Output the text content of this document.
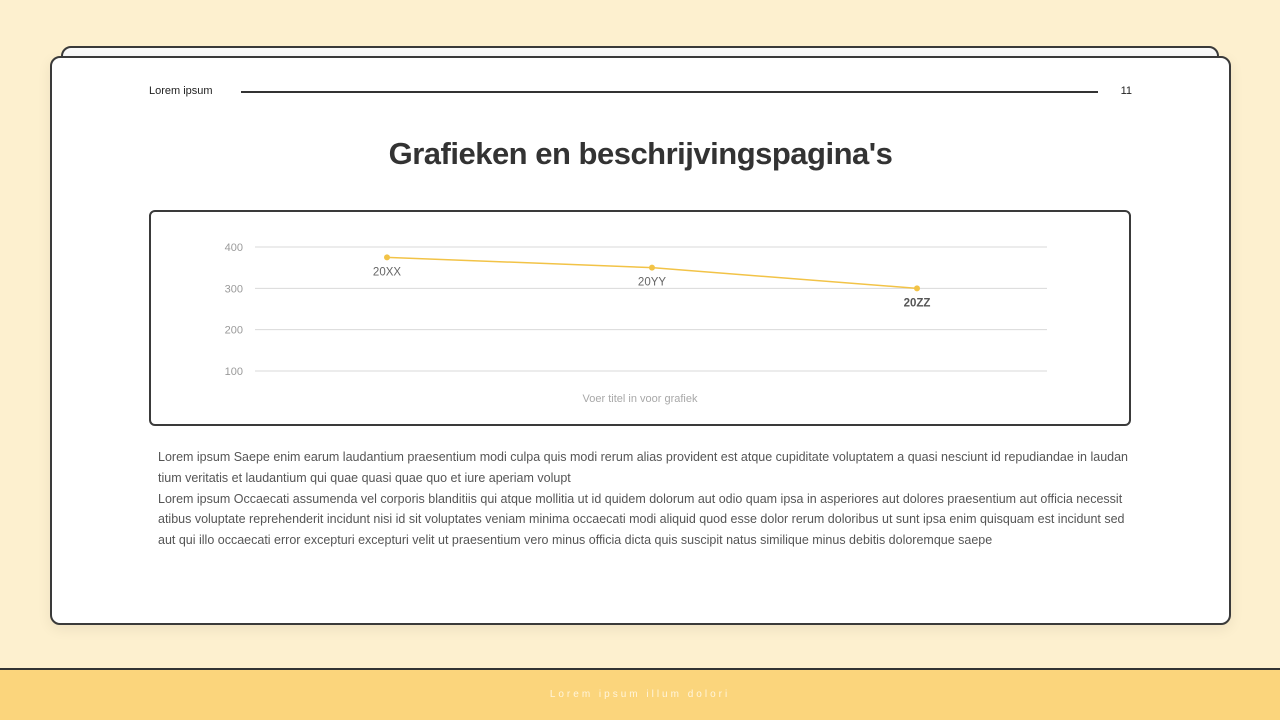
Lorem ipsum	11
Grafieken en beschrijvingspagina's
100
200
300
400
20XX
20YY
20ZZ
Voer titel in voor grafiek

Lorem ipsum Saepe enim earum laudantium praesentium modi culpa quis modi rerum alias provident est atque cupiditate voluptatem a quasi nesciunt id repudiandae in laudantium veritatis et laudantium qui quae quasi quae quo et iure aperiam volupt

Lorem ipsum Occaecati assumenda vel corporis blanditiis qui atque mollitia ut id quidem dolorum aut odio quam ipsa in asperiores aut dolores praesentium aut officia necessitatibus voluptate reprehenderit incidunt nisi id sit voluptates veniam minima occaecati modi aliquid quod esse dolor rerum doloribus ut sunt ipsa enim quisquam est incidunt sed aut qui illo occaecati error excepturi excepturi velit ut praesentium vero minus officia dicta quis suscipit natus similique minus debitis doloremque saepe

Lorem ipsum illum dolori
